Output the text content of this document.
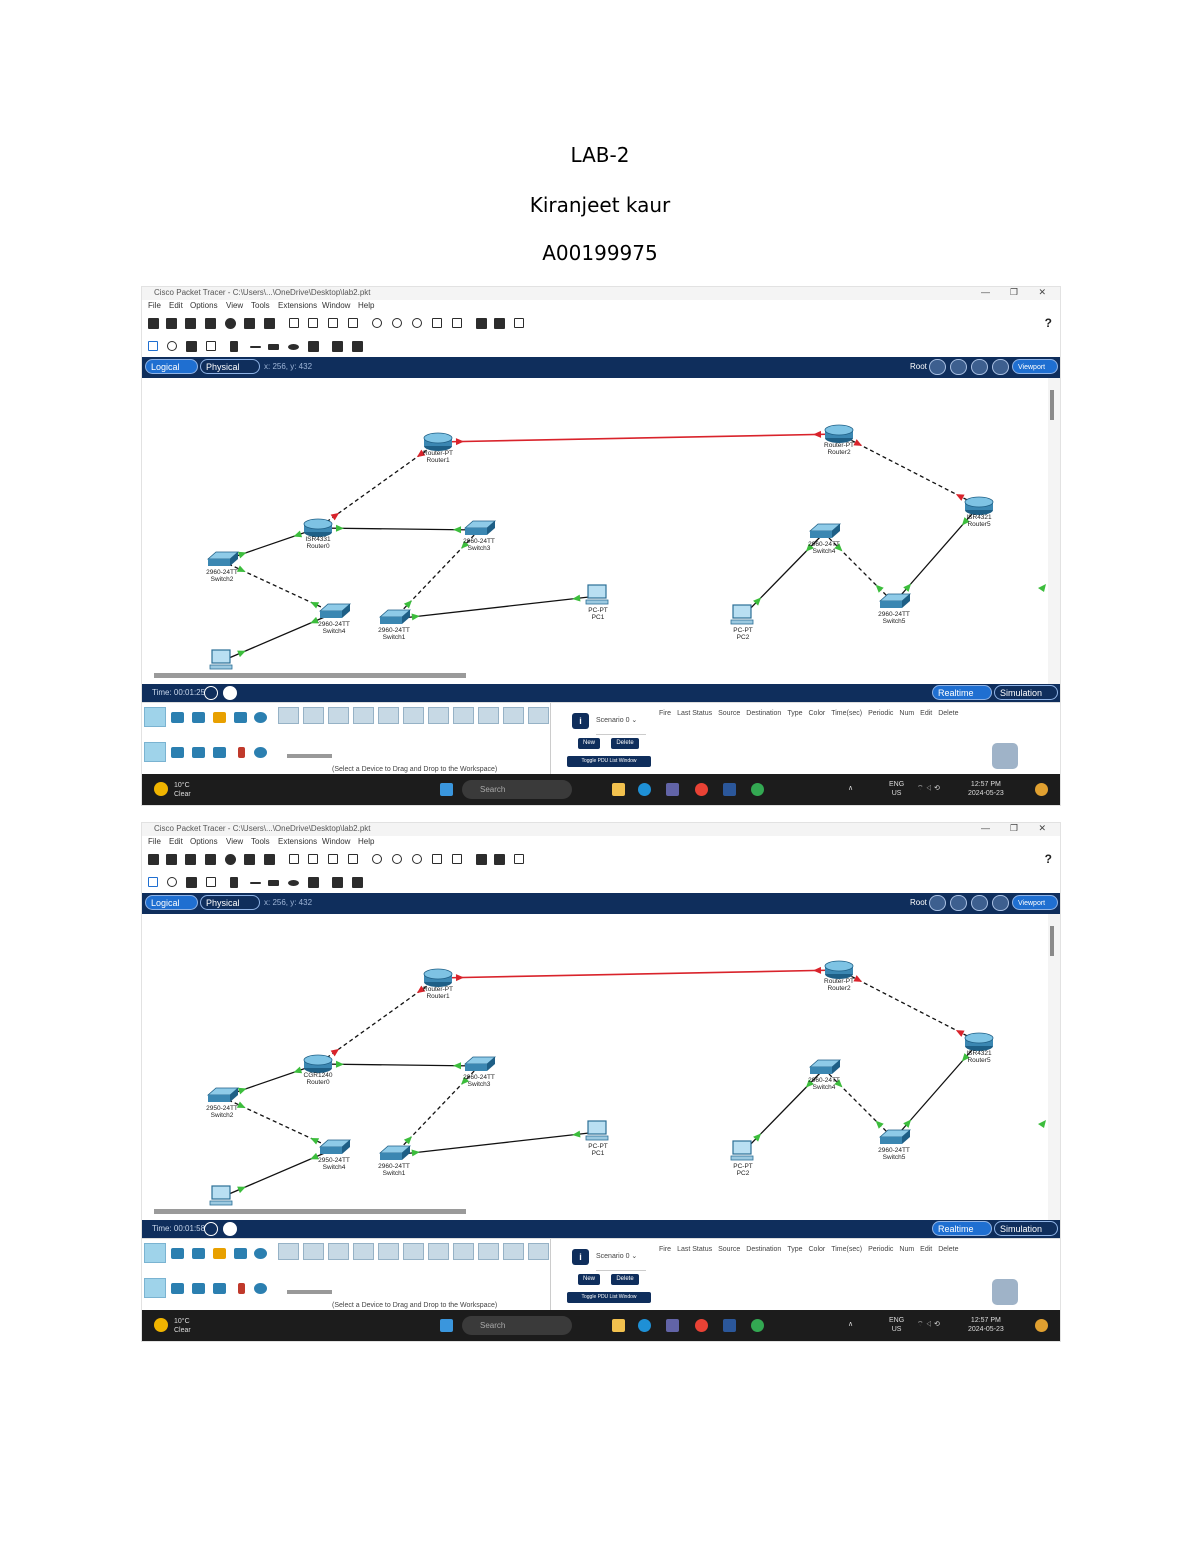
LAB-2
Kiranjeet kaur
A00199975
Cisco Packet Tracer - C:\Users\...\OneDrive\Desktop\lab2.pkt	— ❐ ✕
File Edit Options View Tools Extensions Window Help
?
Logical	Physical	x: 256, y: 432	Root	Viewport
Router-PT
Router1
Router-PT
Router2
ISR4331
Router0
ISR4321
Router5
2960-24TT
Switch2
2960-24TT
Switch3
2960-24TT
Switch4	2960-24TT
Switch1
2960-24TT
Switch4
2960-24TT
Switch5
PC-PT
PC1
PC-PT
PC2
Time: 00:01:25	Realtime	Simulation
(Select a Device to Drag and Drop to the Workspace)
i	Scenario 0 ⌄
New	Delete
Toggle PDU List Window
Fire Last Status Source Destination Type Color Time(sec) Periodic Num Edit Delete
10°C
Clear
Search	∧
ENG
US
⌔ ◁ ⟲
12:57 PM
2024-05-23
Cisco Packet Tracer - C:\Users\...\OneDrive\Desktop\lab2.pkt	— ❐ ✕
File Edit Options View Tools Extensions Window Help
?
Logical	Physical	x: 256, y: 432	Root	Viewport
Router-PT
Router1
Router-PT
Router2
CGR1240
Router0
ISR4321
Router5
2950-24TT
Switch2
2960-24TT
Switch3
2950-24TT
Switch4	2960-24TT
Switch1
2960-24TT
Switch4
2960-24TT
Switch5
PC-PT
PC1
PC-PT
PC2
Time: 00:01:58	Realtime	Simulation
(Select a Device to Drag and Drop to the Workspace)
i	Scenario 0 ⌄
New	Delete
Toggle PDU List Window
Fire Last Status Source Destination Type Color Time(sec) Periodic Num Edit Delete
10°C
Clear
Search	∧
ENG
US
⌔ ◁ ⟲
12:57 PM
2024-05-23
